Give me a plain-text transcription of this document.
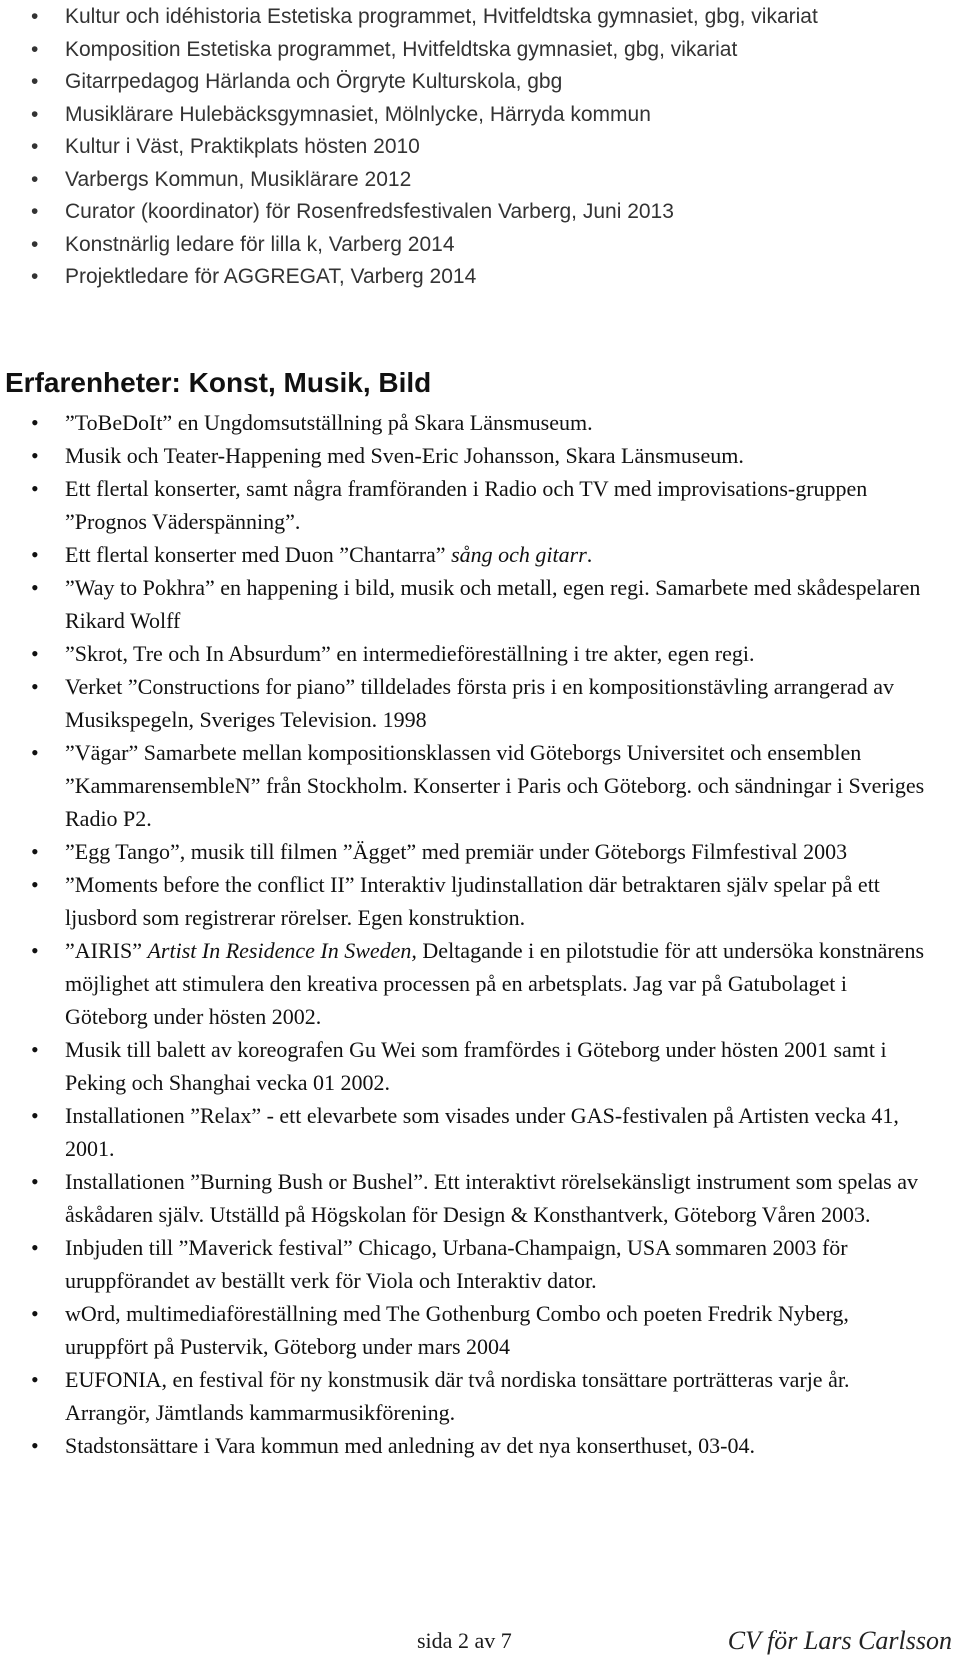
• Kultur och idéhistoria Estetiska programmet, Hvitfeldtska gymnasiet, gbg, vikariat
• Komposition Estetiska programmet, Hvitfeldtska gymnasiet, gbg, vikariat
• Gitarrpedagog Härlanda och Örgryte Kulturskola, gbg
• Musiklärare Hulebäcksgymnasiet, Mölnlycke, Härryda kommun
• Kultur i Väst, Praktikplats hösten 2010
• Varbergs Kommun, Musiklärare 2012
• Curator (koordinator) för Rosenfredsfestivalen Varberg, Juni 2013
• Konstnärlig ledare för lilla k, Varberg 2014
• Projektledare för AGGREGAT, Varberg 2014
Erfarenheter: Konst, Musik, Bild
• ”ToBeDoIt” en Ungdomsutställning på Skara Länsmuseum.
• Musik och Teater-Happening med Sven-Eric Johansson, Skara Länsmuseum.
• Ett flertal konserter, samt några framföranden i Radio och TV med improvisations-gruppen ”Prognos Väderspänning”.
• Ett flertal konserter med Duon ”Chantarra” sång och gitarr.
• ”Way to Pokhra” en happening i bild, musik och metall, egen regi. Samarbete med skådespelaren Rikard Wolff
• ”Skrot, Tre och In Absurdum” en intermedieföreställning i tre akter, egen regi.
• Verket ”Constructions for piano” tilldelades första pris i en kompositionstävling arrangerad av Musikspegeln, Sveriges Television. 1998
• ”Vägar” Samarbete mellan kompositionsklassen vid Göteborgs Universitet och ensemblen ”KammarensembleN” från Stockholm. Konserter i Paris och Göteborg. och sändningar i Sveriges Radio P2.
• ”Egg Tango”, musik till filmen ”Ägget” med premiär under Göteborgs Filmfestival 2003
• ”Moments before the conflict II” Interaktiv ljudinstallation där betraktaren själv spelar på ett ljusbord som registrerar rörelser. Egen konstruktion.
• ”AIRIS” Artist In Residence In Sweden, Deltagande i en pilotstudie för att undersöka konstnärens möjlighet att stimulera den kreativa processen på en arbetsplats. Jag var på Gatubolaget i Göteborg under hösten 2002.
• Musik till balett av koreografen Gu Wei som framfördes i Göteborg under hösten 2001 samt i Peking och Shanghai vecka 01 2002.
• Installationen ”Relax” - ett elevarbete som visades under GAS-festivalen på Artisten vecka 41, 2001.
• Installationen ”Burning Bush or Bushel”. Ett interaktivt rörelsekänsligt instrument som spelas av åskådaren själv. Utställd på Högskolan för Design & Konsthantverk, Göteborg Våren 2003.
• Inbjuden till ”Maverick festival” Chicago, Urbana-Champaign, USA sommaren 2003 för uruppförandet av beställt verk för Viola och Interaktiv dator.
• wOrd, multimediaföreställning med The Gothenburg Combo och poeten Fredrik Nyberg, uruppfört på Pustervik, Göteborg under mars 2004
• EUFONIA, en festival för ny konstmusik där två nordiska tonsättare porträtteras varje år. Arrangör, Jämtlands kammarmusikförening.
• Stadstonsättare i Vara kommun med anledning av det nya konserthuset, 03-04.
sida 2 av 7	CV för Lars Carlsson
